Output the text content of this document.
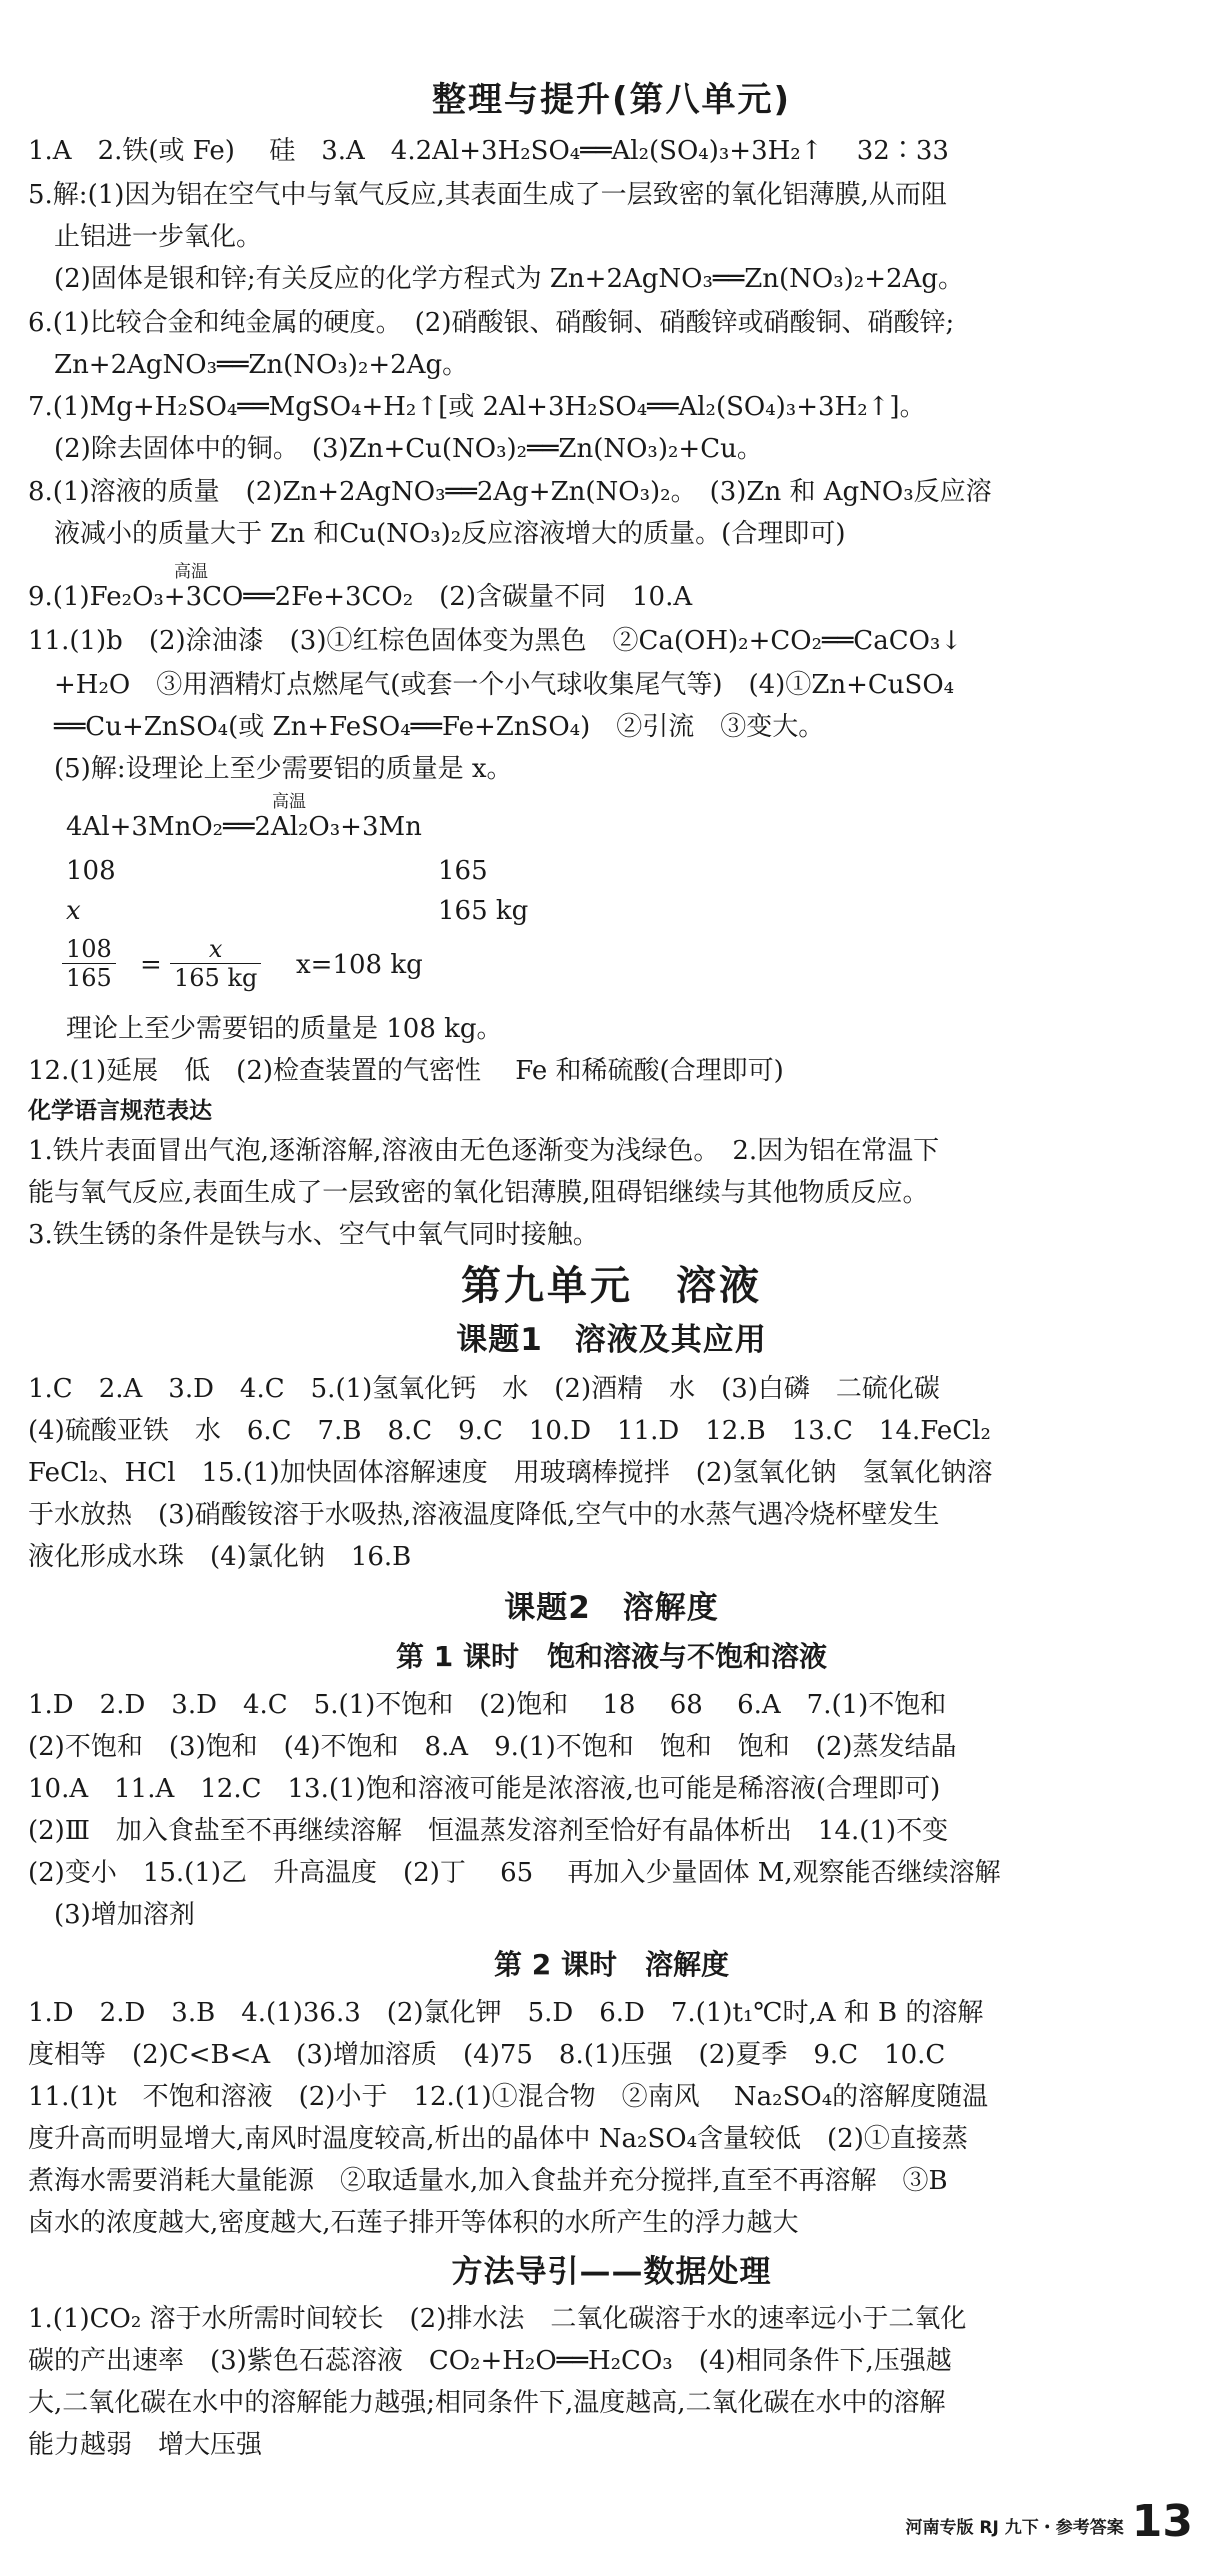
整理与提升(第八单元)
1.A　2.铁(或 Fe)　 硅　3.A　4.2Al+3H₂SO₄══Al₂(SO₄)₃+3H₂↑　 32∶33
5.解:(1)因为铝在空气中与氧气反应,其表面生成了一层致密的氧化铝薄膜,从而阻
　止铝进一步氧化。
　(2)固体是银和锌;有关反应的化学方程式为 Zn+2AgNO₃══Zn(NO₃)₂+2Ag。
6.(1)比较合金和纯金属的硬度。　(2)硝酸银、硝酸铜、硝酸锌或硝酸铜、硝酸锌;
　Zn+2AgNO₃══Zn(NO₃)₂+2Ag。
7.(1)Mg+H₂SO₄══MgSO₄+H₂↑[或 2Al+3H₂SO₄══Al₂(SO₄)₃+3H₂↑]。
　(2)除去固体中的铜。　(3)Zn+Cu(NO₃)₂══Zn(NO₃)₂+Cu。
8.(1)溶液的质量　(2)Zn+2AgNO₃══2Ag+Zn(NO₃)₂。　(3)Zn 和 AgNO₃反应溶
　液减小的质量大于 Zn 和Cu(NO₃)₂反应溶液增大的质量。(合理即可)
高温
9.(1)Fe₂O₃+3CO══2Fe+3CO₂　(2)含碳量不同　10.A
11.(1)b　(2)涂油漆　(3)①红棕色固体变为黑色　②Ca(OH)₂+CO₂══CaCO₃↓
　+H₂O　③用酒精灯点燃尾气(或套一个小气球收集尾气等)　(4)①Zn+CuSO₄
　══Cu+ZnSO₄(或 Zn+FeSO₄══Fe+ZnSO₄)　②引流　③变大。
　(5)解:设理论上至少需要铝的质量是 x。
高温
4Al+3MnO₂══2Al₂O₃+3Mn
108	165
x	165 kg
$\frac{108}{165} = \frac{x}{165 kg} x=108$ kg
理论上至少需要铝的质量是 108 kg。
12.(1)延展　低　(2)检查装置的气密性　 Fe 和稀硫酸(合理即可)
化学语言规范表达
1.铁片表面冒出气泡,逐渐溶解,溶液由无色逐渐变为浅绿色。　2.因为铝在常温下
能与氧气反应,表面生成了一层致密的氧化铝薄膜,阻碍铝继续与其他物质反应。
3.铁生锈的条件是铁与水、空气中氧气同时接触。
第九单元　溶液
课题1　溶液及其应用
1.C　2.A　3.D　4.C　5.(1)氢氧化钙　水　(2)酒精　水　(3)白磷　二硫化碳
(4)硫酸亚铁　水　6.C　7.B　8.C　9.C　10.D　11.D　12.B　13.C　14.FeCl₂
FeCl₂、HCl　15.(1)加快固体溶解速度　用玻璃棒搅拌　(2)氢氧化钠　氢氧化钠溶
于水放热　(3)硝酸铵溶于水吸热,溶液温度降低,空气中的水蒸气遇冷烧杯壁发生
液化形成水珠　(4)氯化钠　16.B
课题2　溶解度
第 1 课时　饱和溶液与不饱和溶液
1.D　2.D　3.D　4.C　5.(1)不饱和　(2)饱和　 18　 68　 6.A　7.(1)不饱和
(2)不饱和　(3)饱和　(4)不饱和　8.A　9.(1)不饱和　饱和　饱和　(2)蒸发结晶
10.A　11.A　12.C　13.(1)饱和溶液可能是浓溶液,也可能是稀溶液(合理即可)
(2)Ⅲ　加入食盐至不再继续溶解　恒温蒸发溶剂至恰好有晶体析出　14.(1)不变
(2)变小　15.(1)乙　升高温度　(2)丁　 65　 再加入少量固体 M,观察能否继续溶解
　(3)增加溶剂
第 2 课时　溶解度
1.D　2.D　3.B　4.(1)36.3　(2)氯化钾　5.D　6.D　7.(1)t₁℃时,A 和 B 的溶解
度相等　(2)C<B<A　(3)增加溶质　(4)75　8.(1)压强　(2)夏季　9.C　10.C
11.(1)t　不饱和溶液　(2)小于　12.(1)①混合物　②南风　 Na₂SO₄的溶解度随温
度升高而明显增大,南风时温度较高,析出的晶体中 Na₂SO₄含量较低　(2)①直接蒸
煮海水需要消耗大量能源　②取适量水,加入食盐并充分搅拌,直至不再溶解　③B
卤水的浓度越大,密度越大,石莲子排开等体积的水所产生的浮力越大
方法导引——数据处理
1.(1)CO₂ 溶于水所需时间较长　(2)排水法　二氧化碳溶于水的速率远小于二氧化
碳的产出速率　(3)紫色石蕊溶液　CO₂+H₂O══H₂CO₃　(4)相同条件下,压强越
大,二氧化碳在水中的溶解能力越强;相同条件下,温度越高,二氧化碳在水中的溶解
能力越弱　增大压强
河南专版 RJ 九下・参考答案 13
